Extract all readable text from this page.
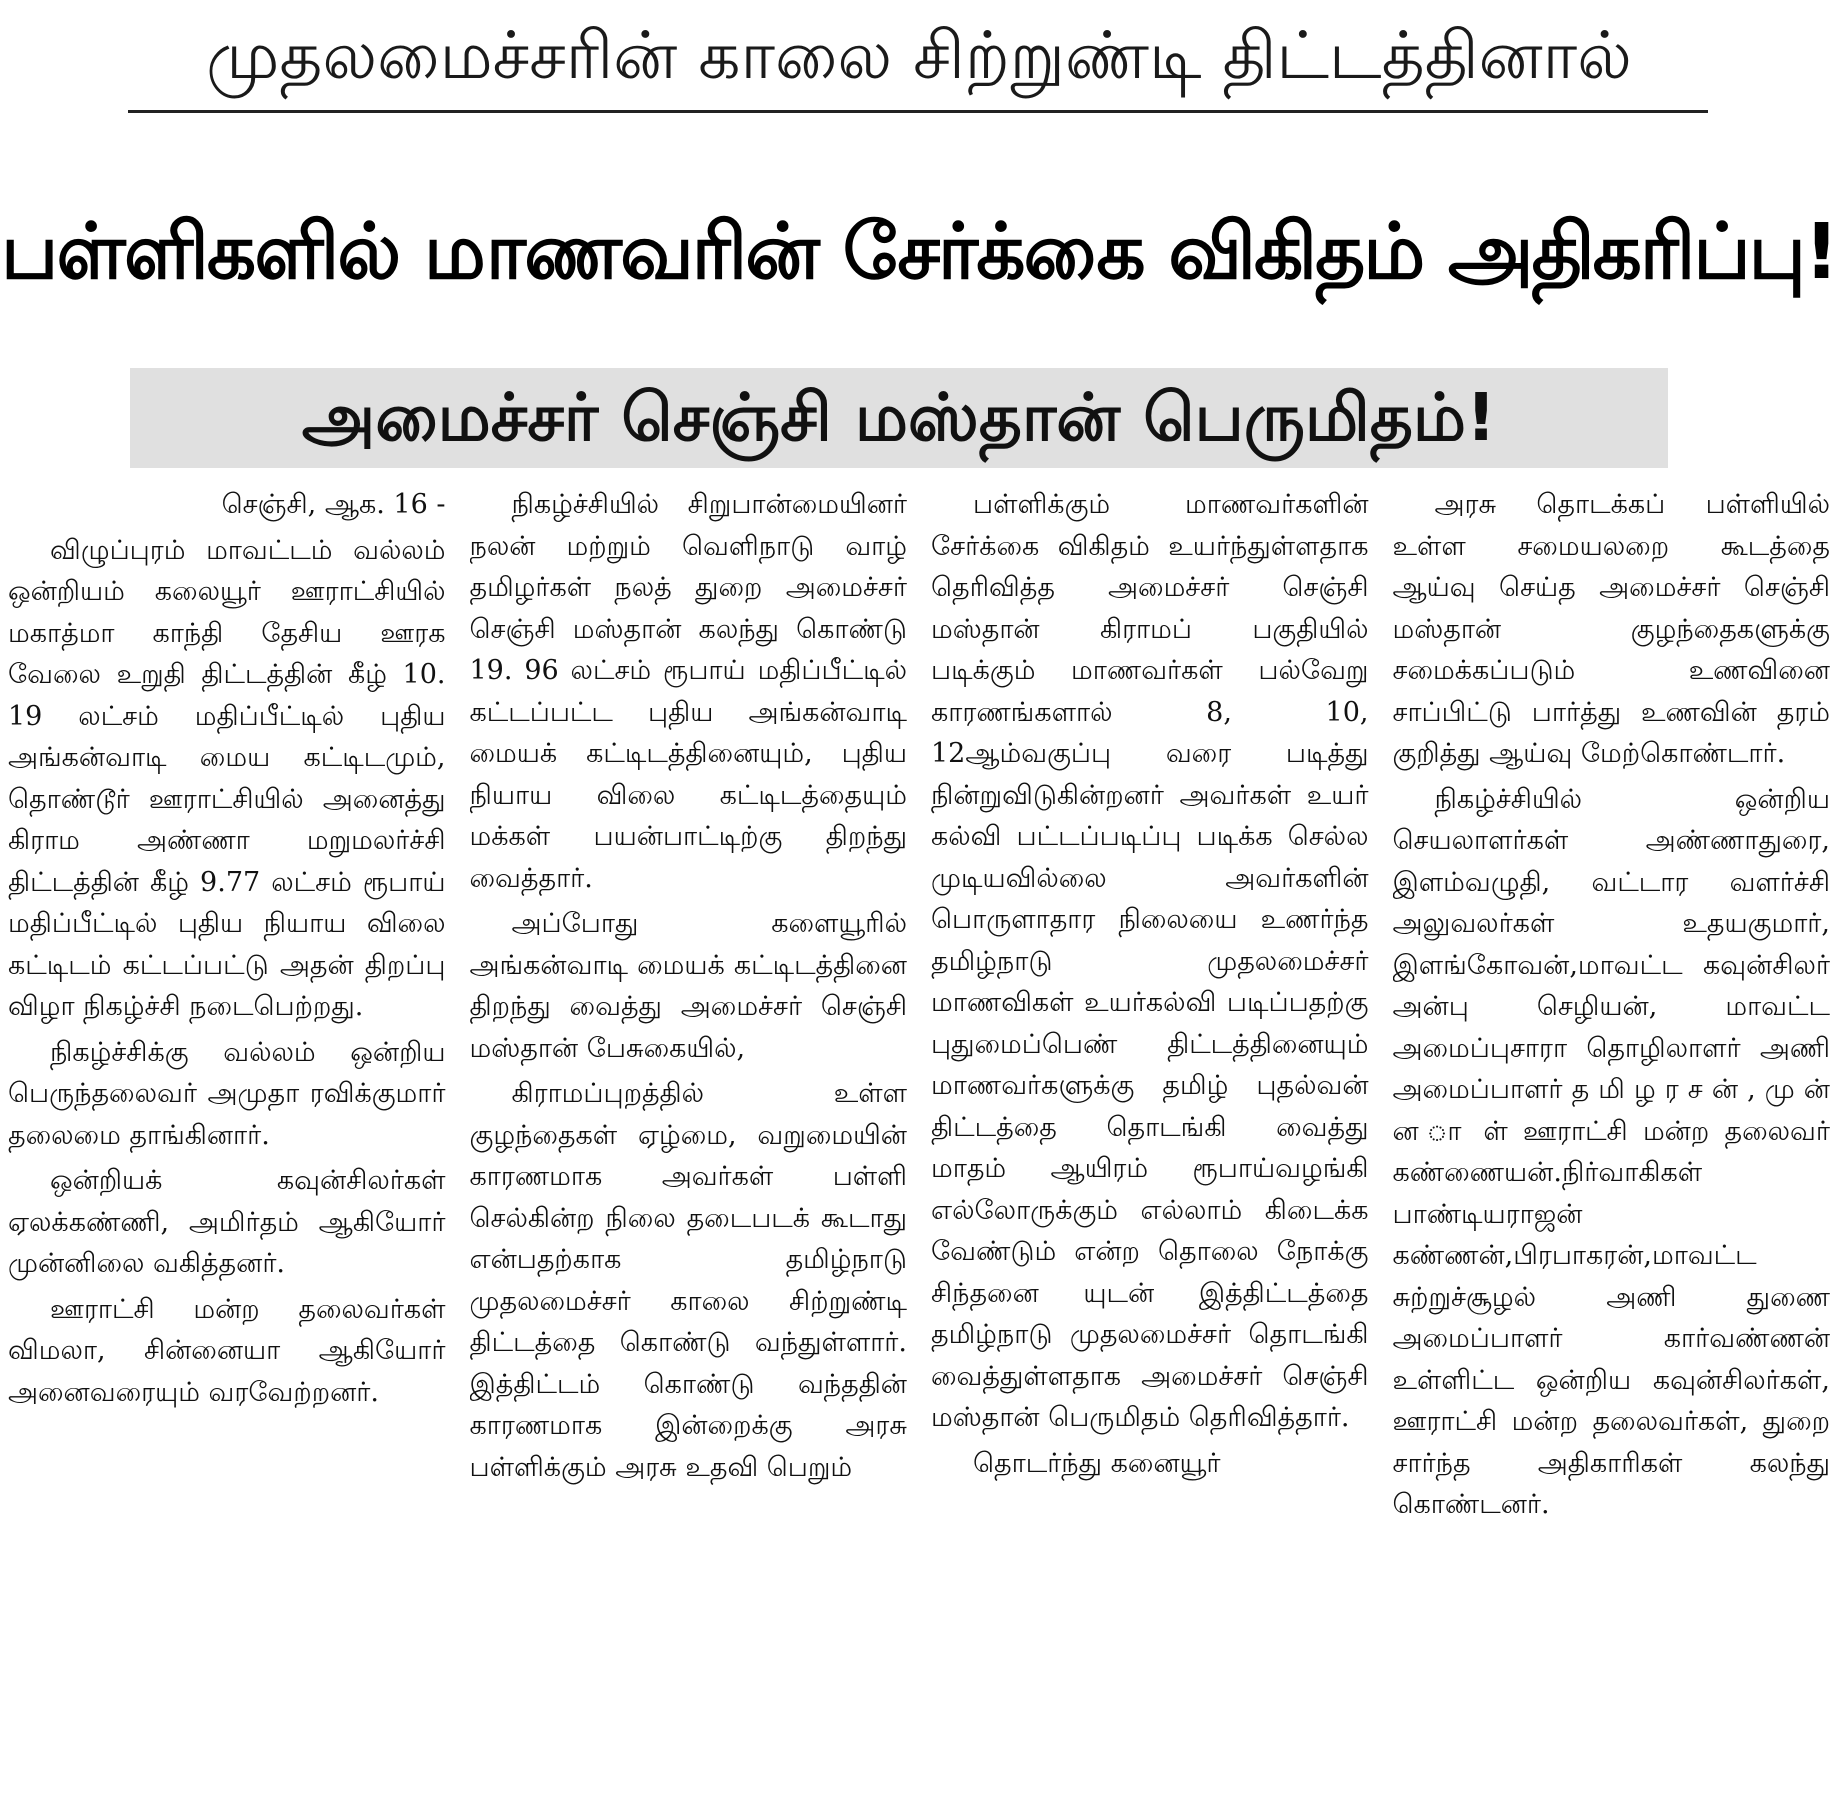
முதலமைச்சரின் காலை சிற்றுண்டி திட்டத்தினால்
பள்ளிகளில் மாணவரின் சேர்க்கை விகிதம் அதிகரிப்பு!
அமைச்சர் செஞ்சி மஸ்தான் பெருமிதம்!

செஞ்சி, ஆக. 16 -

விழுப்புரம் மாவட்டம் வல்லம் ஒன்றியம் கலையூர் ஊராட்சியில் மகாத்மா காந்தி தேசிய ஊரக வேலை உறுதி திட்டத்தின் கீழ் 10. 19 லட்சம் மதிப்பீட்டில் புதிய அங்கன்வாடி மைய கட்டிடமும், தொண்டூர் ஊராட்சியில் அனைத்து கிராம அண்ணா மறுமலர்ச்சி திட்டத்தின் கீழ் 9.77 லட்சம் ரூபாய் மதிப்பீட்டில் புதிய நியாய விலை கட்டிடம் கட்டப்பட்டு அதன் திறப்பு விழா நிகழ்ச்சி நடைபெற்றது.

நிகழ்ச்சிக்கு வல்லம் ஒன்றிய பெருந்தலைவர் அமுதா ரவிக்குமார் தலைமை தாங்கினார்.

ஒன்றியக் கவுன்சிலர்கள் ஏலக்கண்ணி, அமிர்தம் ஆகியோர் முன்னிலை வகித்தனர்.

ஊராட்சி மன்ற தலைவர்கள் விமலா, சின்னையா ஆகியோர் அனைவரையும் வரவேற்றனர்.

நிகழ்ச்சியில் சிறுபான்மையினர் நலன் மற்றும் வெளிநாடு வாழ் தமிழர்கள் நலத் துறை அமைச்சர் செஞ்சி மஸ்தான் கலந்து கொண்டு 19. 96 லட்சம் ரூபாய் மதிப்பீட்டில் கட்டப்பட்ட புதிய அங்கன்வாடி மையக் கட்டிடத்தினையும், புதிய நியாய விலை கட்டிடத்தையும் மக்கள் பயன்பாட்டிற்கு திறந்து வைத்தார்.

அப்போது களையூரில் அங்கன்வாடி மையக் கட்டிடத்தினை திறந்து வைத்து அமைச்சர் செஞ்சி மஸ்தான் பேசுகையில்,

கிராமப்புறத்தில் உள்ள குழந்தைகள் ஏழ்மை, வறுமையின் காரணமாக அவர்கள் பள்ளி செல்கின்ற நிலை தடைபடக் கூடாது என்பதற்காக தமிழ்நாடு முதலமைச்சர் காலை சிற்றுண்டி திட்டத்தை கொண்டு வந்துள்ளார். இத்திட்டம் கொண்டு வந்ததின் காரணமாக இன்றைக்கு அரசு பள்ளிக்கும் அரசு உதவி பெறும்

பள்ளிக்கும் மாணவர்களின் சேர்க்கை விகிதம் உயர்ந்துள்ளதாக தெரிவித்த அமைச்சர் செஞ்சி மஸ்தான் கிராமப் பகுதியில் படிக்கும் மாணவர்கள் பல்வேறு காரணங்களால் 8, 10, 12ஆம்வகுப்பு வரை படித்து நின்றுவிடுகின்றனர் அவர்கள் உயர் கல்வி பட்டப்படிப்பு படிக்க செல்ல முடியவில்லை அவர்களின் பொருளாதார நிலையை உணர்ந்த தமிழ்நாடு முதலமைச்சர் மாணவிகள் உயர்கல்வி படிப்பதற்கு புதுமைப்பெண் திட்டத்தினையும் மாணவர்களுக்கு தமிழ் புதல்வன் திட்டத்தை தொடங்கி வைத்து மாதம் ஆயிரம் ரூபாய்வழங்கி எல்லோருக்கும் எல்லாம் கிடைக்க வேண்டும் என்ற தொலை நோக்கு சிந்தனை யுடன் இத்திட்டத்தை தமிழ்நாடு முதலமைச்சர் தொடங்கி வைத்துள்ளதாக அமைச்சர் செஞ்சி மஸ்தான் பெருமிதம் தெரிவித்தார்.

தொடர்ந்து கனையூர்

அரசு தொடக்கப் பள்ளியில் உள்ள சமையலறை கூடத்தை ஆய்வு செய்த அமைச்சர் செஞ்சி மஸ்தான் குழந்தைகளுக்கு சமைக்கப்படும் உணவினை சாப்பிட்டு பார்த்து உணவின் தரம் குறித்து ஆய்வு மேற்கொண்டார்.

நிகழ்ச்சியில் ஒன்றிய செயலாளர்கள் அண்ணாதுரை, இளம்வழுதி, வட்டார வளர்ச்சி அலுவலர்கள் உதயகுமார், இளங்கோவன்,மாவட்ட கவுன்சிலர் அன்பு செழியன், மாவட்ட அமைப்புசாரா தொழிலாளர் அணி அமைப்பாளர் த மி ழ ர ச ன் , மு ன் ன ா ள் ஊராட்சி மன்ற தலைவர் கண்ணையன்.நிர்வாகிகள் பாண்டியராஜன் கண்ணன்,பிரபாகரன்,மாவட்ட சுற்றுச்சூழல் அணி துணை அமைப்பாளர் கார்வண்ணன் உள்ளிட்ட ஒன்றிய கவுன்சிலர்கள், ஊராட்சி மன்ற தலைவர்கள், துறை சார்ந்த அதிகாரிகள் கலந்து கொண்டனர்.
